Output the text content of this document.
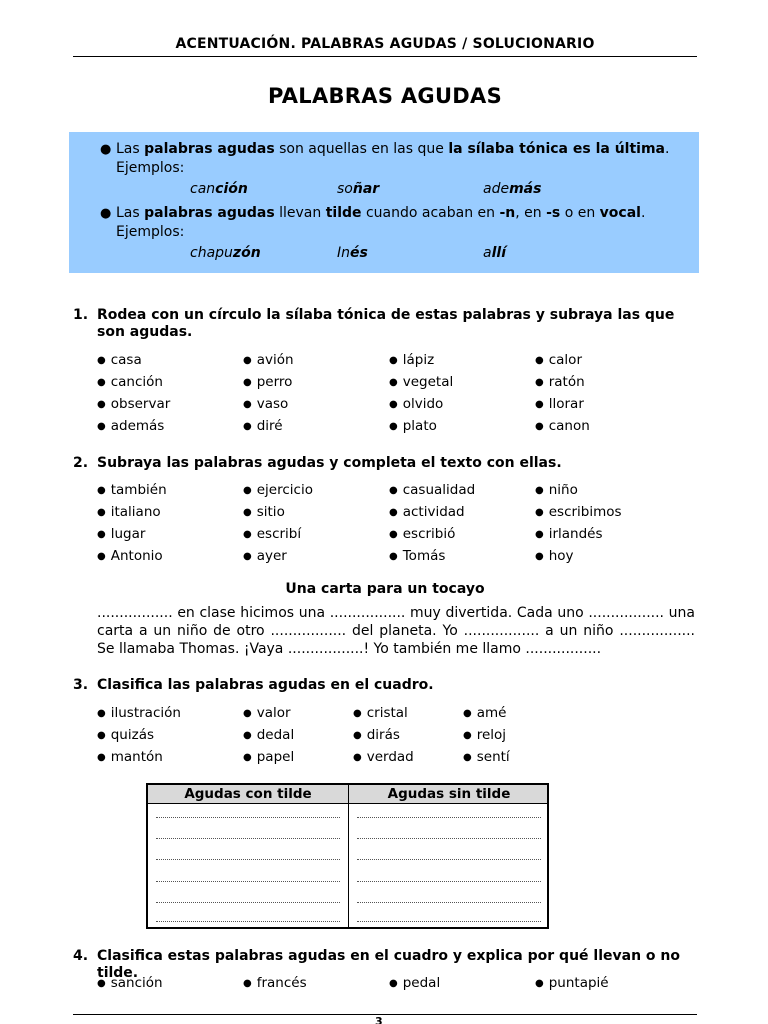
ACENTUACIÓN. PALABRAS AGUDAS / SOLUCIONARIO
PALABRAS AGUDAS
● Las palabras agudas son aquellas en las que la sílaba tónica es la última.
Ejemplos:
canción	soñar	además
● Las palabras agudas llevan tilde cuando acaban en -n, en -s o en vocal.
Ejemplos:
chapuzón	Inés	allí
1. Rodea con un círculo la sílaba tónica de estas palabras y subraya las que son agudas.
● casa	● avión	● lápiz	● calor
● canción	● perro	● vegetal	● ratón
● observar	● vaso	● olvido	● llorar
● además	● diré	● plato	● canon
2. Subraya las palabras agudas y completa el texto con ellas.
● también	● ejercicio	● casualidad	● niño
● italiano	● sitio	● actividad	● escribimos
● lugar	● escribí	● escribió	● irlandés
● Antonio	● ayer	● Tomás	● hoy
Una carta para un tocayo
................. en clase hicimos una ................. muy divertida. Cada uno ................. una carta a un niño de otro ................. del planeta. Yo ................. a un niño ................. Se llamaba Thomas. ¡Vaya .................! Yo también me llamo .................
3. Clasifica las palabras agudas en el cuadro.
● ilustración	● valor	● cristal	● amé
● quizás	● dedal	● dirás	● reloj
● mantón	● papel	● verdad	● sentí
Agudas con tilde	Agudas sin tilde
4. Clasifica estas palabras agudas en el cuadro y explica por qué llevan o no tilde.
● sanción	● francés	● pedal	● puntapié
3
